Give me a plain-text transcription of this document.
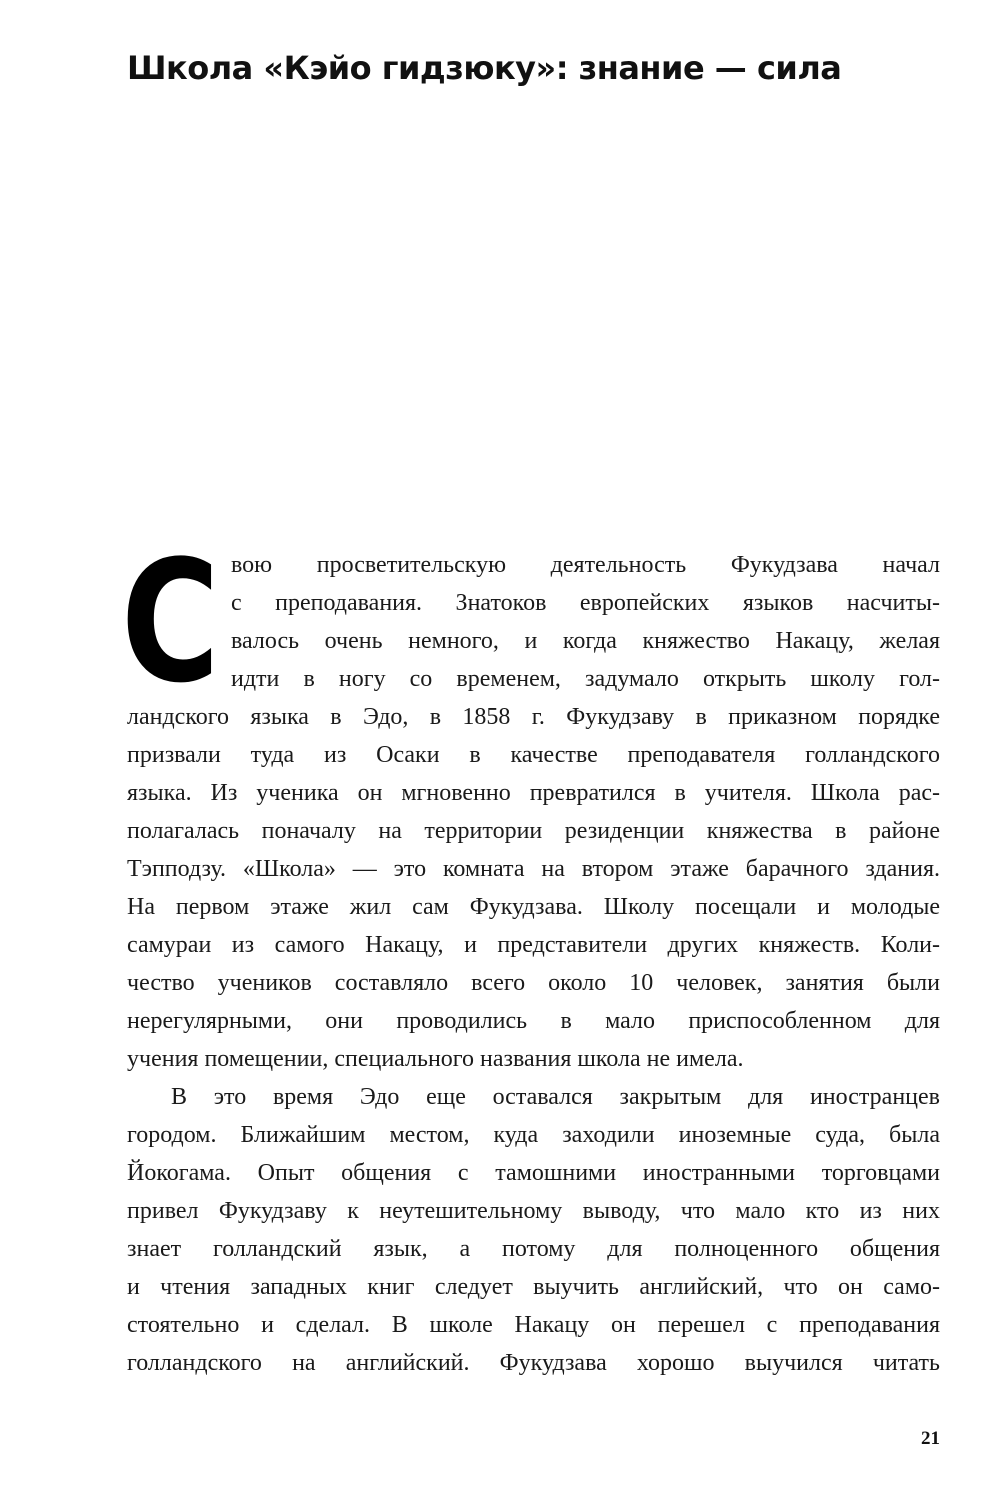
Школа «Кэйо гидзюку»: знание — сила
С вою просветительскую деятельность Фукудзава начал
с преподавания. Знатоков европейских языков насчиты-
валось очень немного, и когда княжество Накацу, желая
идти в ногу со временем, задумало открыть школу гол-
ландского языка в Эдо, в 1858 г. Фукудзаву в приказном порядке
призвали туда из Осаки в качестве преподавателя голландского
языка. Из ученика он мгновенно превратился в учителя. Школа рас-
полагалась поначалу на территории резиденции княжества в районе
Тэпподзу. «Школа» — это комната на втором этаже барачного здания.
На первом этаже жил сам Фукудзава. Школу посещали и молодые
самураи из самого Накацу, и представители других княжеств. Коли-
чество учеников составляло всего около 10 человек, занятия были
нерегулярными, они проводились в мало приспособленном для
учения помещении, специального названия школа не имела.
В это время Эдо еще оставался закрытым для иностранцев
городом. Ближайшим местом, куда заходили иноземные суда, была
Йокогама. Опыт общения с тамошними иностранными торговцами
привел Фукудзаву к неутешительному выводу, что мало кто из них
знает голландский язык, а потому для полноценного общения
и чтения западных книг следует выучить английский, что он само-
стоятельно и сделал. В школе Накацу он перешел с преподавания
голландского на английский. Фукудзава хорошо выучился читать
21
